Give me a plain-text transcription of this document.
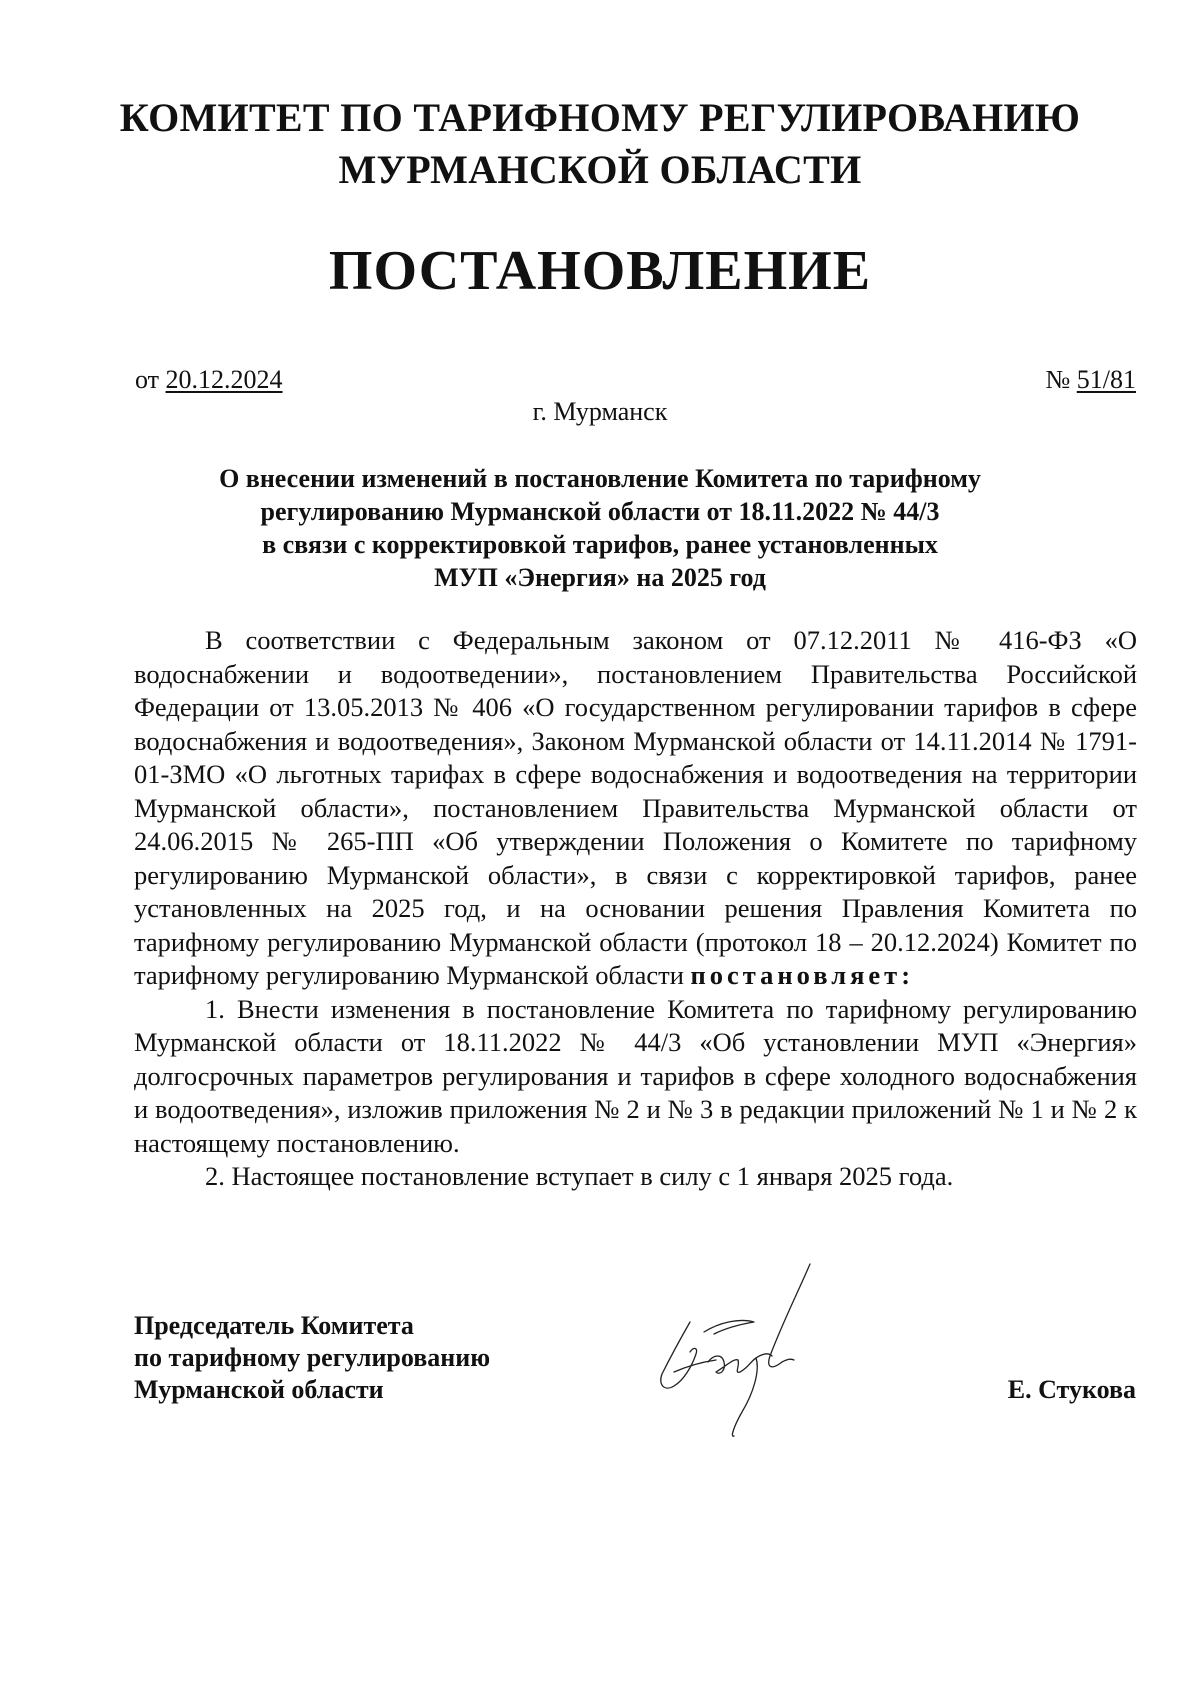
КОМИТЕТ ПО ТАРИФНОМУ РЕГУЛИРОВАНИЮ
МУРМАНСКОЙ ОБЛАСТИ
ПОСТАНОВЛЕНИЕ
от 20.12.2024	№ 51/81
г. Мурманск
О внесении изменений в постановление Комитета по тарифному
регулированию Мурманской области от 18.11.2022 № 44/3
в связи с корректировкой тарифов, ранее установленных
МУП «Энергия» на 2025 год

В соответствии с Федеральным законом от 07.12.2011 № 416-ФЗ «О водоснабжении и водоотведении», постановлением Правительства Российской Федерации от 13.05.2013 № 406 «О государственном регулировании тарифов в сфере водоснабжения и водоотведения», Законом Мурманской области от 14.11.2014 № 1791-01-ЗМО «О льготных тарифах в сфере водоснабжения и водоотведения на территории Мурманской области», постановлением Правительства Мурманской области от 24.06.2015 № 265-ПП «Об утверждении Положения о Комитете по тарифному регулированию Мурманской области», в связи с корректировкой тарифов, ранее установленных на 2025 год, и на основании решения Правления Комитета по тарифному регулированию Мурманской области (протокол 18 – 20.12.2024) Комитет по тарифному регулированию Мурманской области постановляет:

1. Внести изменения в постановление Комитета по тарифному регулированию Мурманской области от 18.11.2022 № 44/3 «Об установлении МУП «Энергия» долгосрочных параметров регулирования и тарифов в сфере холодного водоснабжения и водоотведения», изложив приложения № 2 и № 3 в редакции приложений № 1 и № 2 к настоящему постановлению.

2. Настоящее постановление вступает в силу с 1 января 2025 года.

Председатель Комитета
по тарифному регулированию
Мурманской области	Е. Стукова
